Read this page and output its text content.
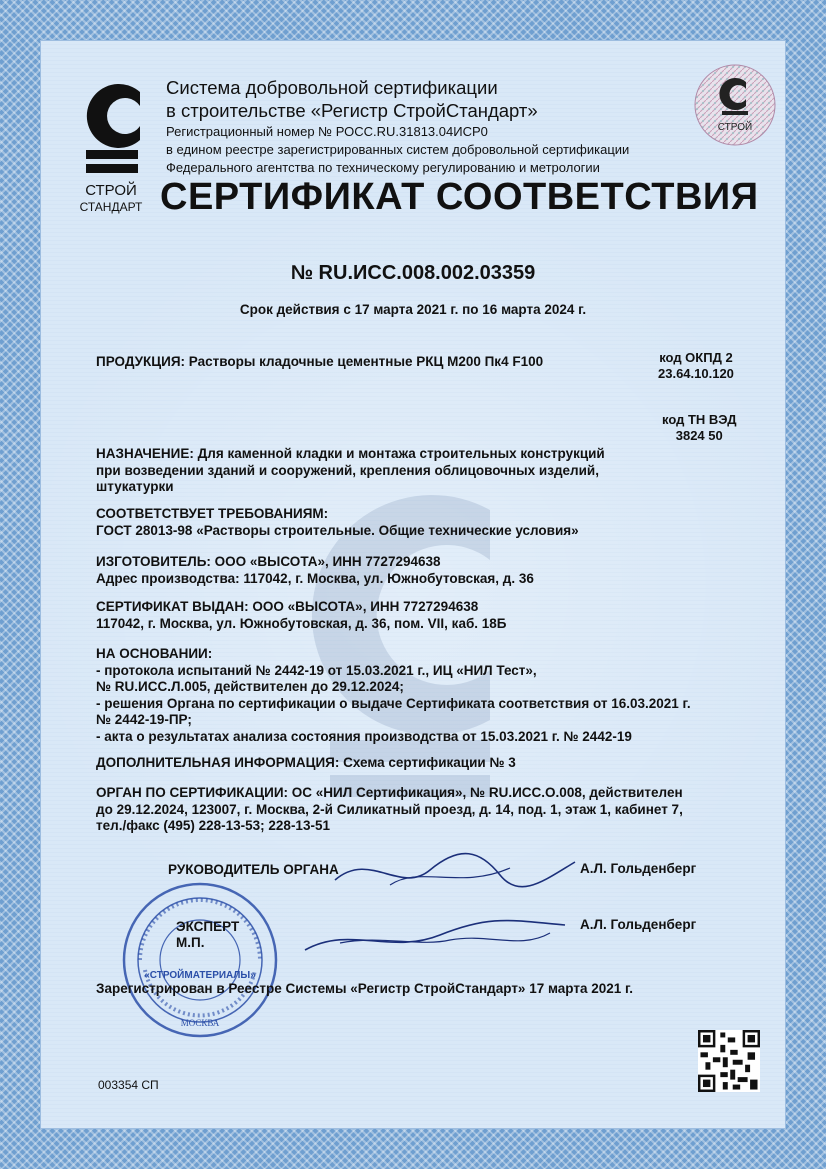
СТРОЙ
СТАНДАРТ
СТРОЙ
Система добровольной сертификации
в строительстве «Регистр СтройСтандарт»
Регистрационный номер № РОСС.RU.31813.04ИСР0
в едином реестре зарегистрированных систем добровольной сертификации
Федерального агентства по техническому регулированию и метрологии
СЕРТИФИКАТ СООТВЕТСТВИЯ
№ RU.ИСС.008.002.03359
Срок действия с 17 марта 2021 г. по 16 марта 2024 г.
ПРОДУКЦИЯ: Растворы кладочные цементные РКЦ М200 Пк4 F100	код ОКПД 2
23.64.10.120
код ТН ВЭД
3824 50
НАЗНАЧЕНИЕ: Для каменной кладки и монтажа строительных конструкций
при возведении зданий и сооружений, крепления облицовочных изделий,
штукатурки
СООТВЕТСТВУЕТ ТРЕБОВАНИЯМ:
ГОСТ 28013-98 «Растворы строительные. Общие технические условия»
ИЗГОТОВИТЕЛЬ: ООО «ВЫСОТА», ИНН 7727294638
Адрес производства: 117042, г. Москва, ул. Южнобутовская, д. 36
СЕРТИФИКАТ ВЫДАН: ООО «ВЫСОТА», ИНН 7727294638
117042, г. Москва, ул. Южнобутовская, д. 36, пом. VII, каб. 18Б
НА ОСНОВАНИИ:
- протокола испытаний № 2442-19 от 15.03.2021 г., ИЦ «НИЛ Тест»,
№ RU.ИСС.Л.005, действителен до 29.12.2024;
- решения Органа по сертификации о выдаче Сертификата соответствия от 16.03.2021 г.
№ 2442-19-ПР;
- акта о результатах анализа состояния производства от 15.03.2021 г. № 2442-19
ДОПОЛНИТЕЛЬНАЯ ИНФОРМАЦИЯ: Схема сертификации № 3
ОРГАН ПО СЕРТИФИКАЦИИ: ОС «НИЛ Сертификация», № RU.ИСС.О.008, действителен
до 29.12.2024, 123007, г. Москва, 2-й Силикатный проезд, д. 14, под. 1, этаж 1, кабинет 7,
тел./факс (495) 228-13-53; 228-13-51
РУКОВОДИТЕЛЬ ОРГАНА	А.Л. Гольденберг
А.Л. Гольденберг
«СТРОЙМАТЕРИАЛЫ»
МОСКВА
ЭКСПЕРТ
М.П.
Зарегистрирован в Реестре Системы «Регистр СтройСтандарт» 17 марта 2021 г.
003354 СП
